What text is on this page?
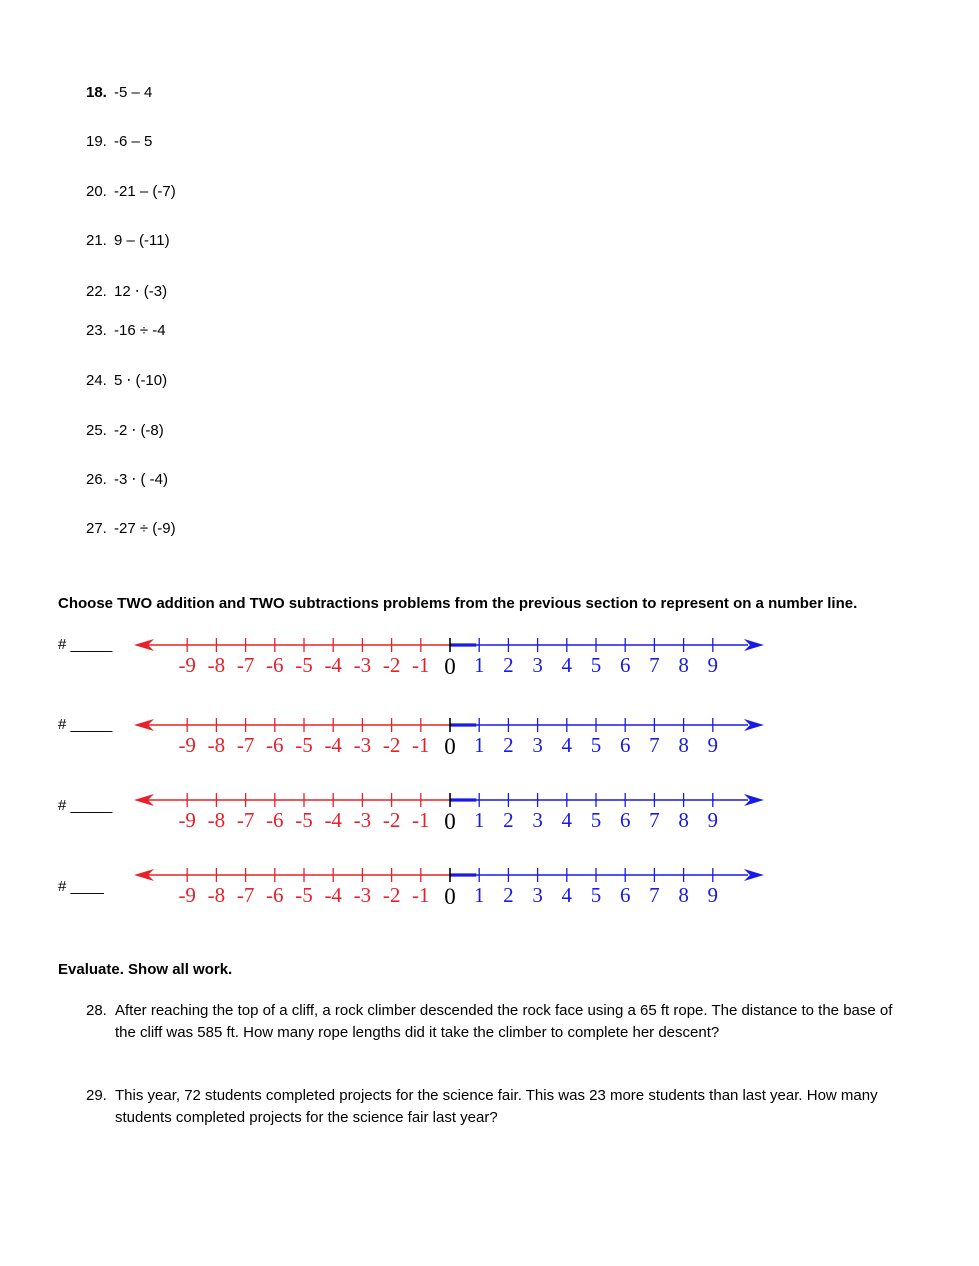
18. -5 – 4
19. -6 – 5
20. -21 – (-7)
21. 9 – (-11)
22. 12 ⋅ (-3)
23. -16 ÷ -4
24. 5 ⋅ (-10)
25. -2 ⋅ (-8)
26. -3 ⋅ ( -4)
27. -27 ÷ (-9)
Choose TWO addition and TWO subtractions problems from the previous section to represent on a number line.
# _____
0
-9 -8 -7 -6 -5 -4 -3 -2 -1 1 2 3 4 5 6 7 8 9
# _____
0
-9 -8 -7 -6 -5 -4 -3 -2 -1 1 2 3 4 5 6 7 8 9
# _____
0
-9 -8 -7 -6 -5 -4 -3 -2 -1 1 2 3 4 5 6 7 8 9
# ____	0
-9 -8 -7 -6 -5 -4 -3 -2 -1 1 2 3 4 5 6 7 8 9
Evaluate. Show all work.
28. After reaching the top of a cliff, a rock climber descended the rock face using a 65 ft rope. The distance to the base of the cliff was 585 ft. How many rope lengths did it take the climber to complete her descent?
29. This year, 72 students completed projects for the science fair. This was 23 more students than last year. How many students completed projects for the science fair last year?
